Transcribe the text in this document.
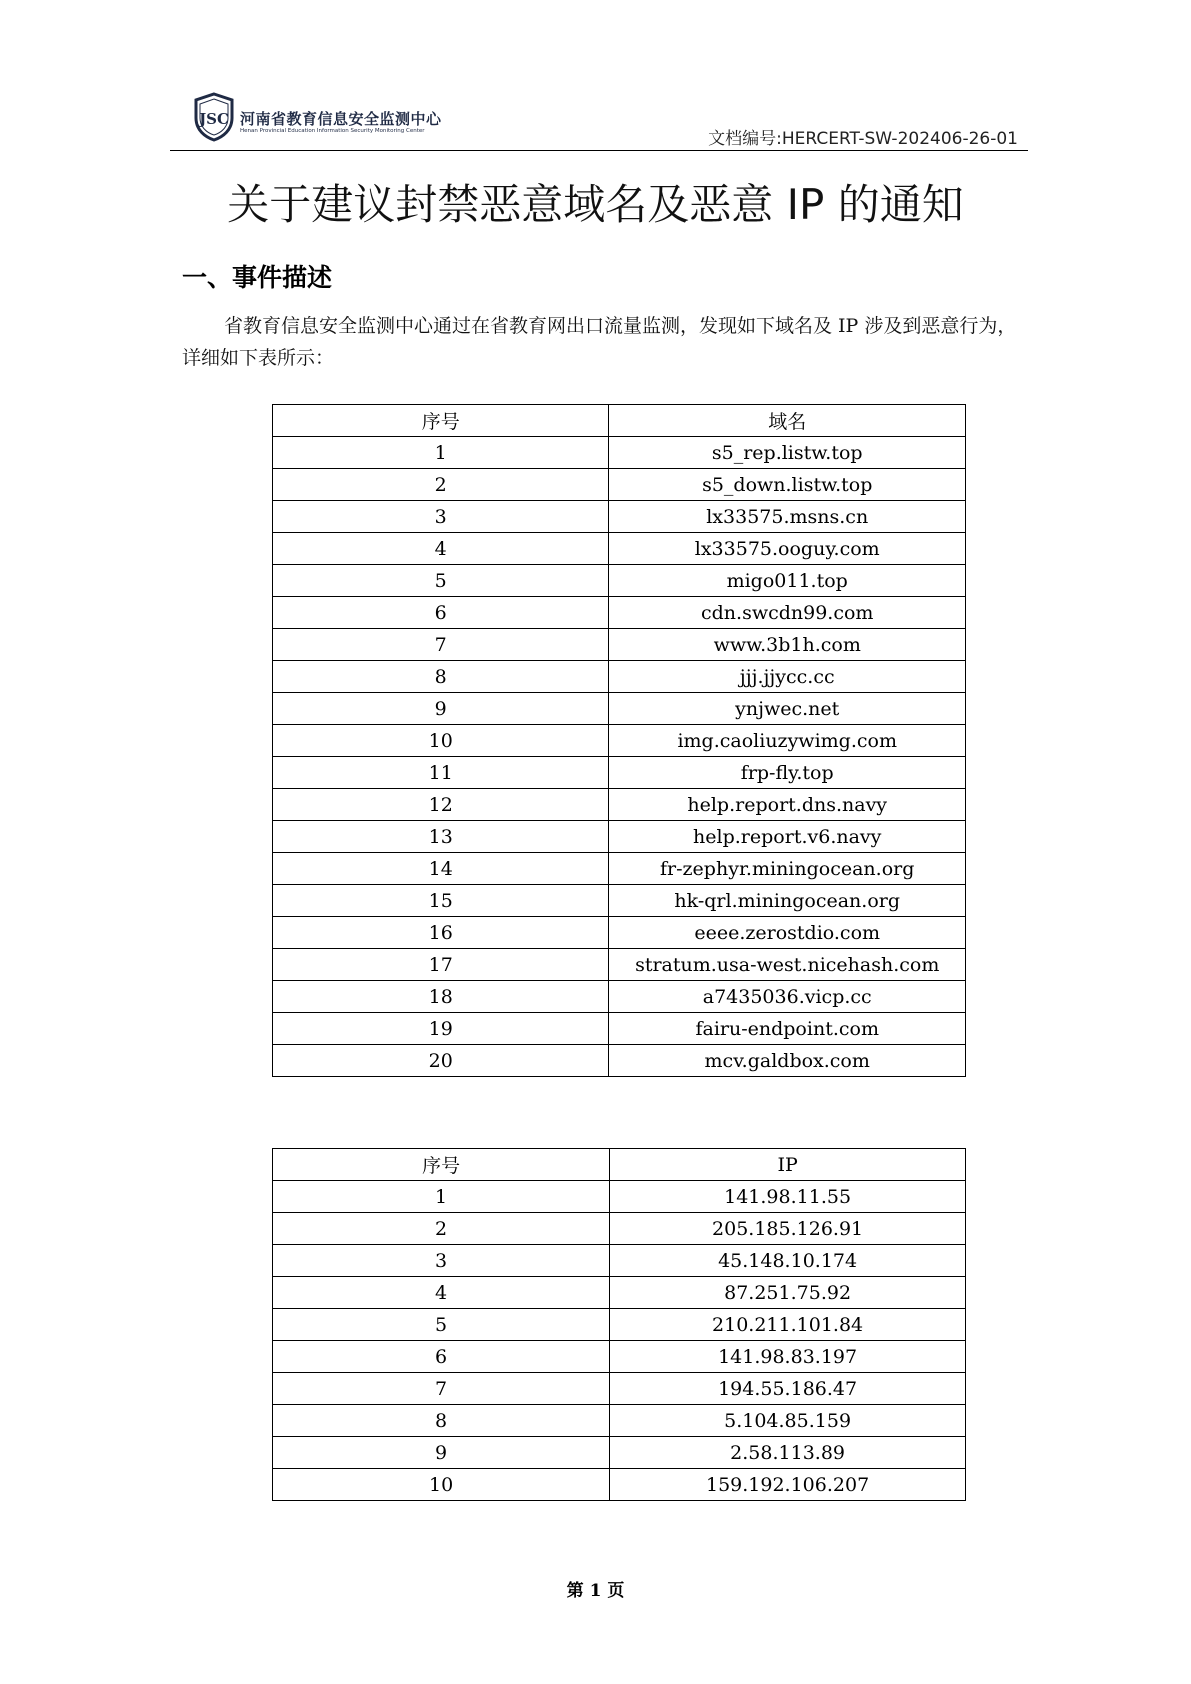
JSC 河南省教育信息安全监测中心
Henan Provincial Education Information Security Monitoring Center	文档编号:HERCERT-SW-202406-26-01
关于建议封禁恶意域名及恶意 IP 的通知
一、事件描述
省教育信息安全监测中心通过在省教育网出口流量监测，发现如下域名及 IP 涉及到恶意行为，详细如下表所示：
序号	域名
1	s5_rep.listw.top
2	s5_down.listw.top
3	lx33575.msns.cn
4	lx33575.ooguy.com
5	migo011.top
6	cdn.swcdn99.com
7	www.3b1h.com
8	jjj.jjycc.cc
9	ynjwec.net
10	img.caoliuzywimg.com
11	frp-fly.top
12	help.report.dns.navy
13	help.report.v6.navy
14	fr-zephyr.miningocean.org
15	hk-qrl.miningocean.org
16	eeee.zerostdio.com
17	stratum.usa-west.nicehash.com
18	a7435036.vicp.cc
19	fairu-endpoint.com
20	mcv.galdbox.com
序号	IP
1	141.98.11.55
2	205.185.126.91
3	45.148.10.174
4	87.251.75.92
5	210.211.101.84
6	141.98.83.197
7	194.55.186.47
8	5.104.85.159
9	2.58.113.89
10	159.192.106.207
第 1 页
